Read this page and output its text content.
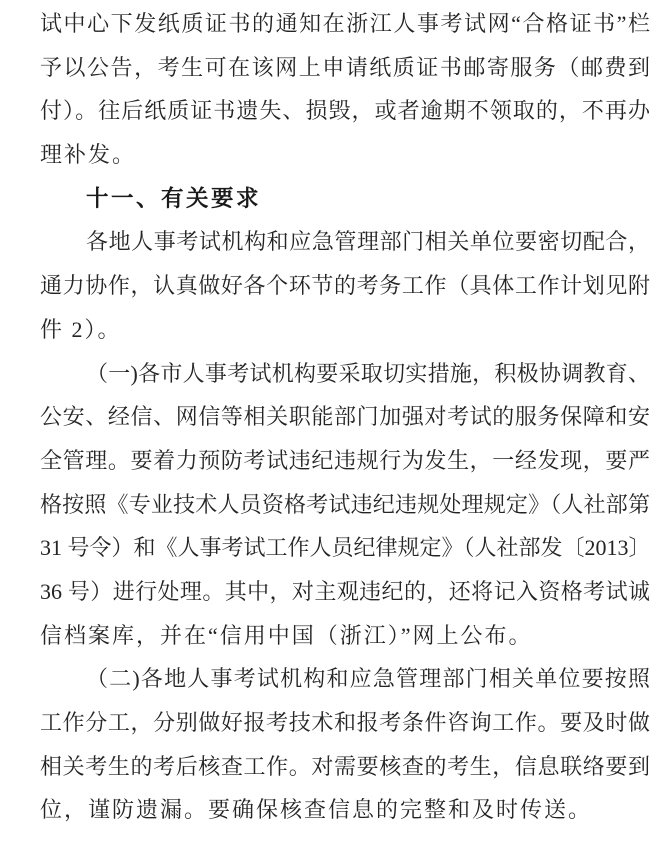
试中心下发纸质证书的通知在浙江人事考试网“合格证书”栏

予以公告，考生可在该网上申请纸质证书邮寄服务（邮费到

付）。往后纸质证书遗失、损毁，或者逾期不领取的，不再办

理补发。

十一、有关要求

各地人事考试机构和应急管理部门相关单位要密切配合，

通力协作，认真做好各个环节的考务工作（具体工作计划见附

件 2）。

（一)各市人事考试机构要采取切实措施，积极协调教育、

公安、经信、网信等相关职能部门加强对考试的服务保障和安

全管理。要着力预防考试违纪违规行为发生，一经发现，要严

格按照《专业技术人员资格考试违纪违规处理规定》（人社部第

31 号令）和《人事考试工作人员纪律规定》（人社部发〔2013〕

36 号）进行处理。其中，对主观违纪的，还将记入资格考试诚

信档案库，并在“信用中国（浙江）”网上公布。

（二)各地人事考试机构和应急管理部门相关单位要按照

工作分工，分别做好报考技术和报考条件咨询工作。要及时做

相关考生的考后核查工作。对需要核查的考生，信息联络要到

位，谨防遗漏。要确保核查信息的完整和及时传送。
